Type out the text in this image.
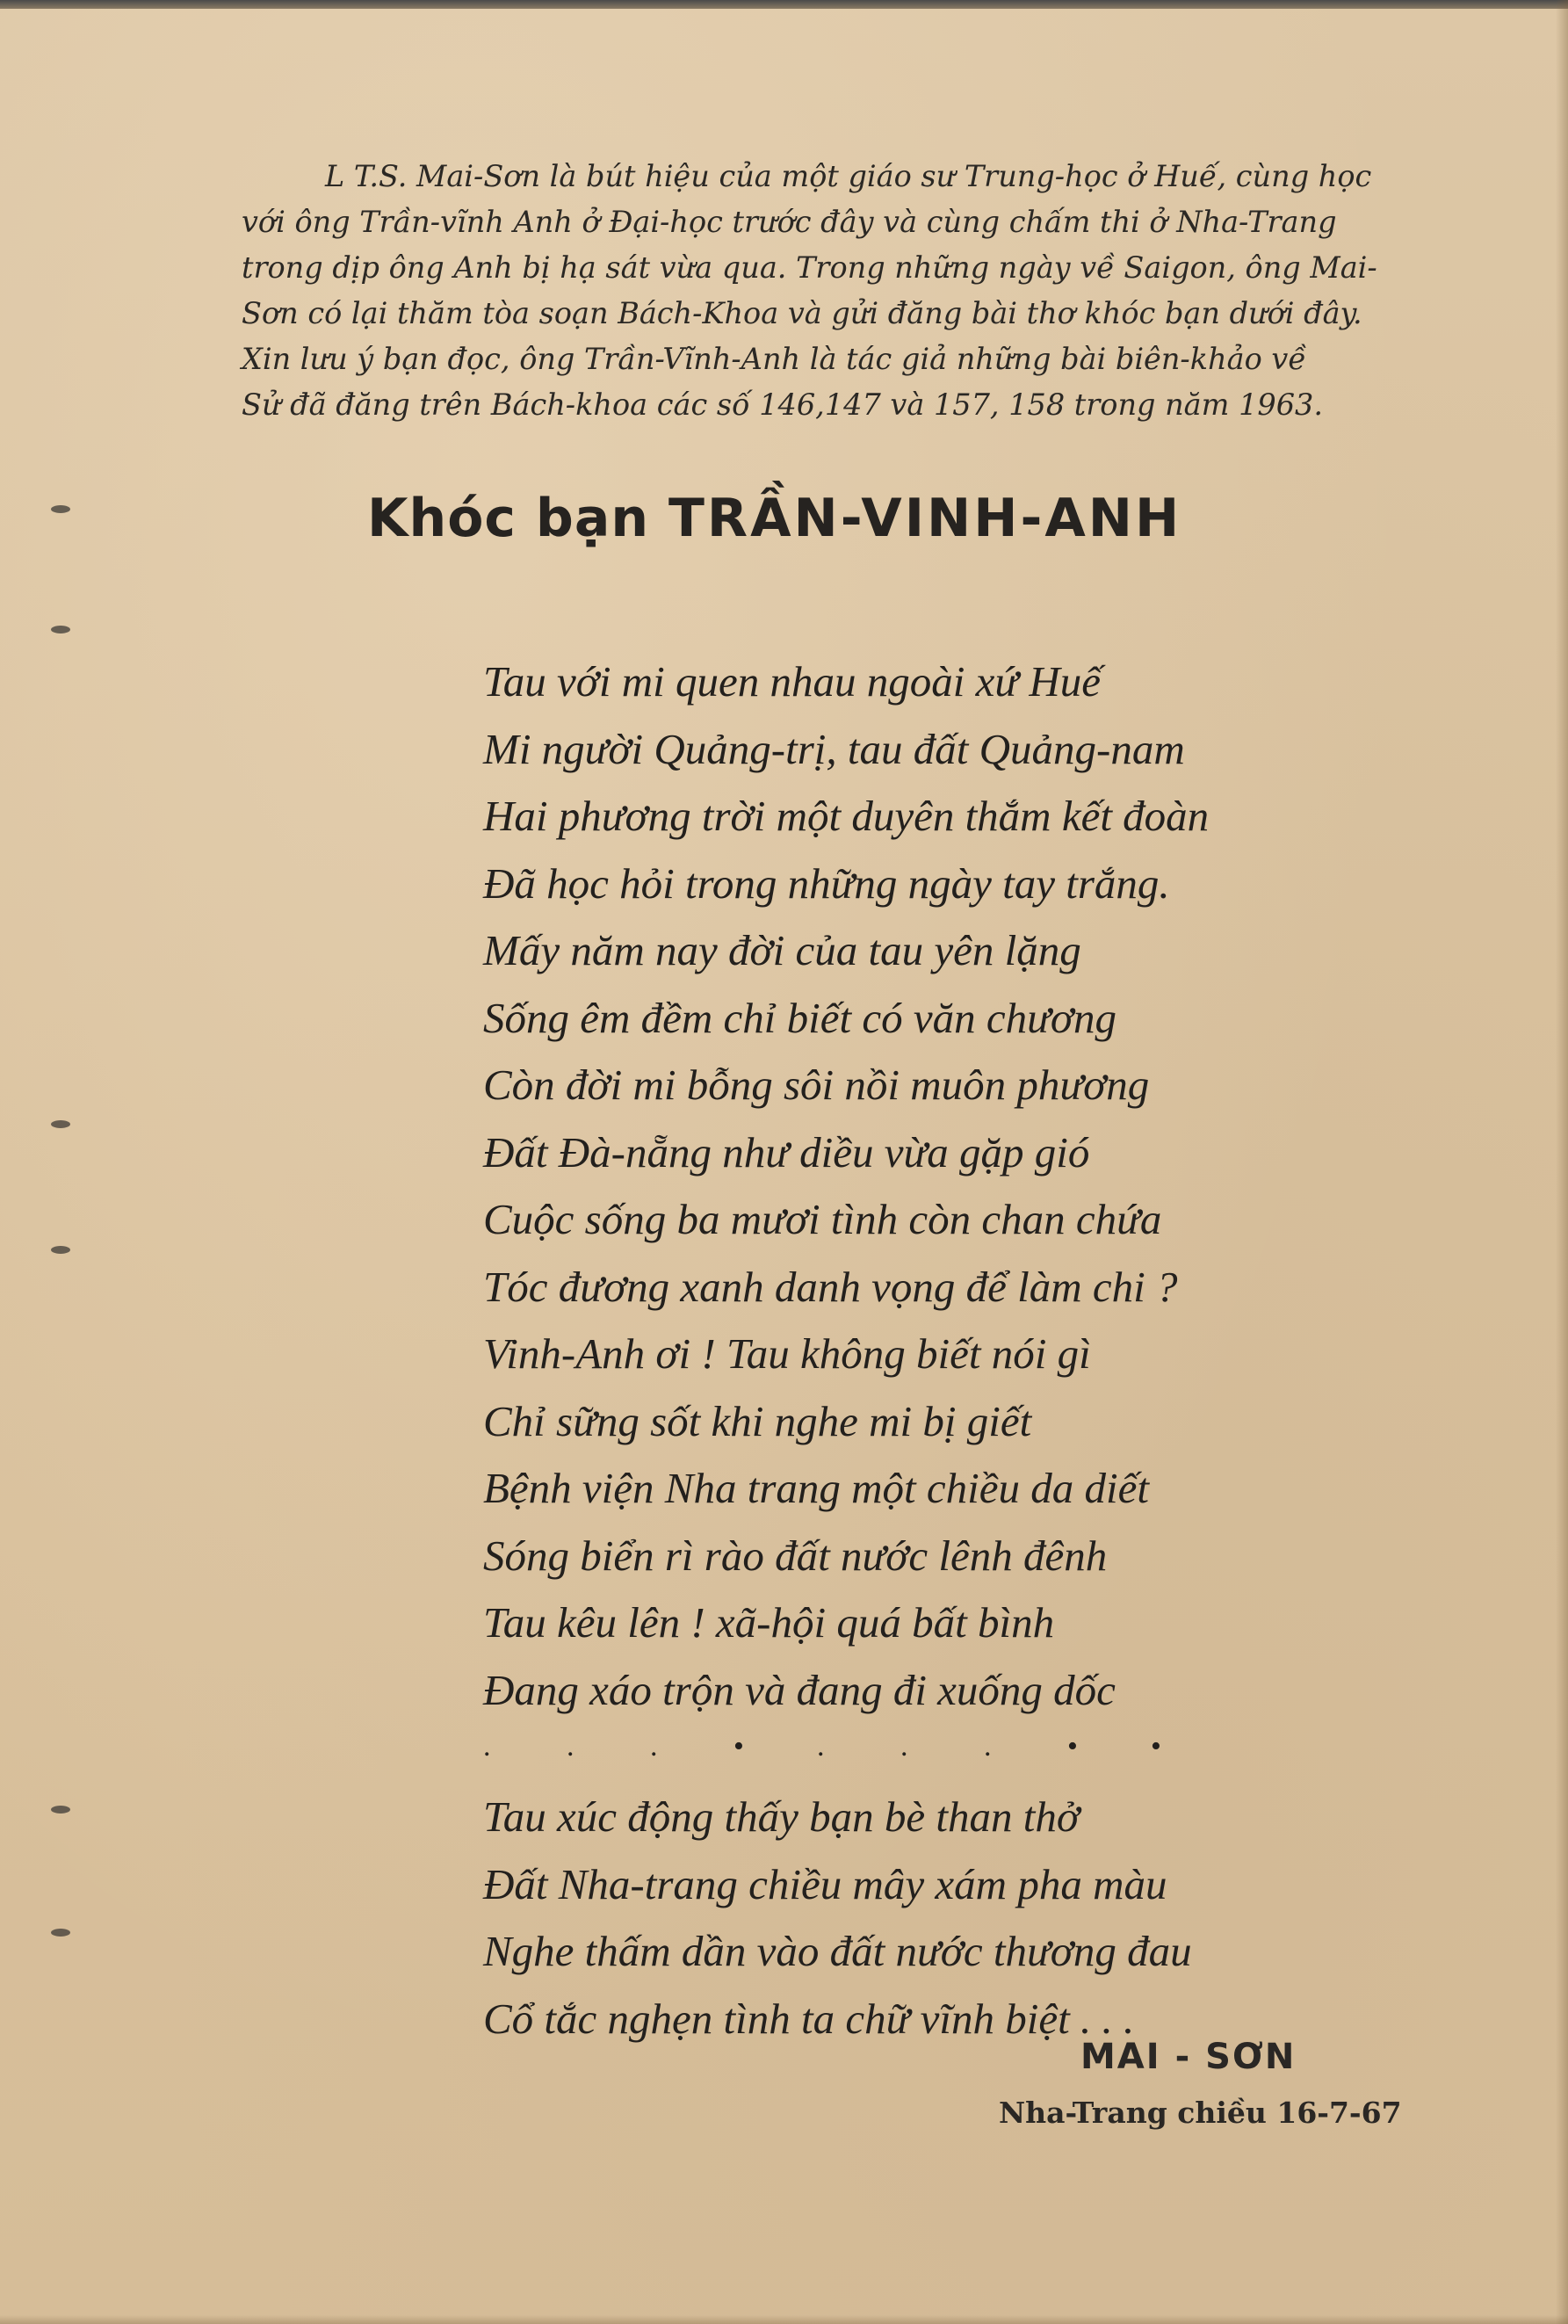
L T.S. Mai-Sơn là bút hiệu của một giáo sư Trung-học ở Huế, cùng học
với ông Trần-vĩnh Anh ở Đại-học trước đây và cùng chấm thi ở Nha-Trang
trong dịp ông Anh bị hạ sát vừa qua. Trong những ngày về Saigon, ông Mai-
Sơn có lại thăm tòa soạn Bách-Khoa và gửi đăng bài thơ khóc bạn dưới đây.
Xin lưu ý bạn đọc, ông Trần-Vĩnh-Anh là tác giả những bài biên-khảo về
Sử đã đăng trên Bách-khoa các số 146,147 và 157, 158 trong năm 1963.

Khóc bạn TRẦN-VINH-ANH
Tau với mi quen nhau ngoài xứ Huế
Mi người Quảng-trị, tau đất Quảng-nam
Hai phương trời một duyên thắm kết đoàn
Đã học hỏi trong những ngày tay trắng.
Mấy năm nay đời của tau yên lặng
Sống êm đềm chỉ biết có văn chương
Còn đời mi bỗng sôi nồi muôn phương
Đất Đà-nẵng như diều vừa gặp gió
Cuộc sống ba mươi tình còn chan chứa
Tóc đương xanh danh vọng để làm chi ?
Vinh-Anh ơi ! Tau không biết nói gì
Chỉ sững sốt khi nghe mi bị giết
Bệnh viện Nha trang một chiều da diết
Sóng biển rì rào đất nước lênh đênh
Tau kêu lên ! xã-hội quá bất bình
Đang xáo trộn và đang đi xuống dốc
.	.	.	• .	.	.	• •
Tau xúc động thấy bạn bè than thở
Đất Nha-trang chiều mây xám pha màu
Nghe thấm dần vào đất nước thương đau
Cổ tắc nghẹn tình ta chữ vĩnh biệt . . .

MAI - SƠN

Nha-Trang chiều 16-7-67
